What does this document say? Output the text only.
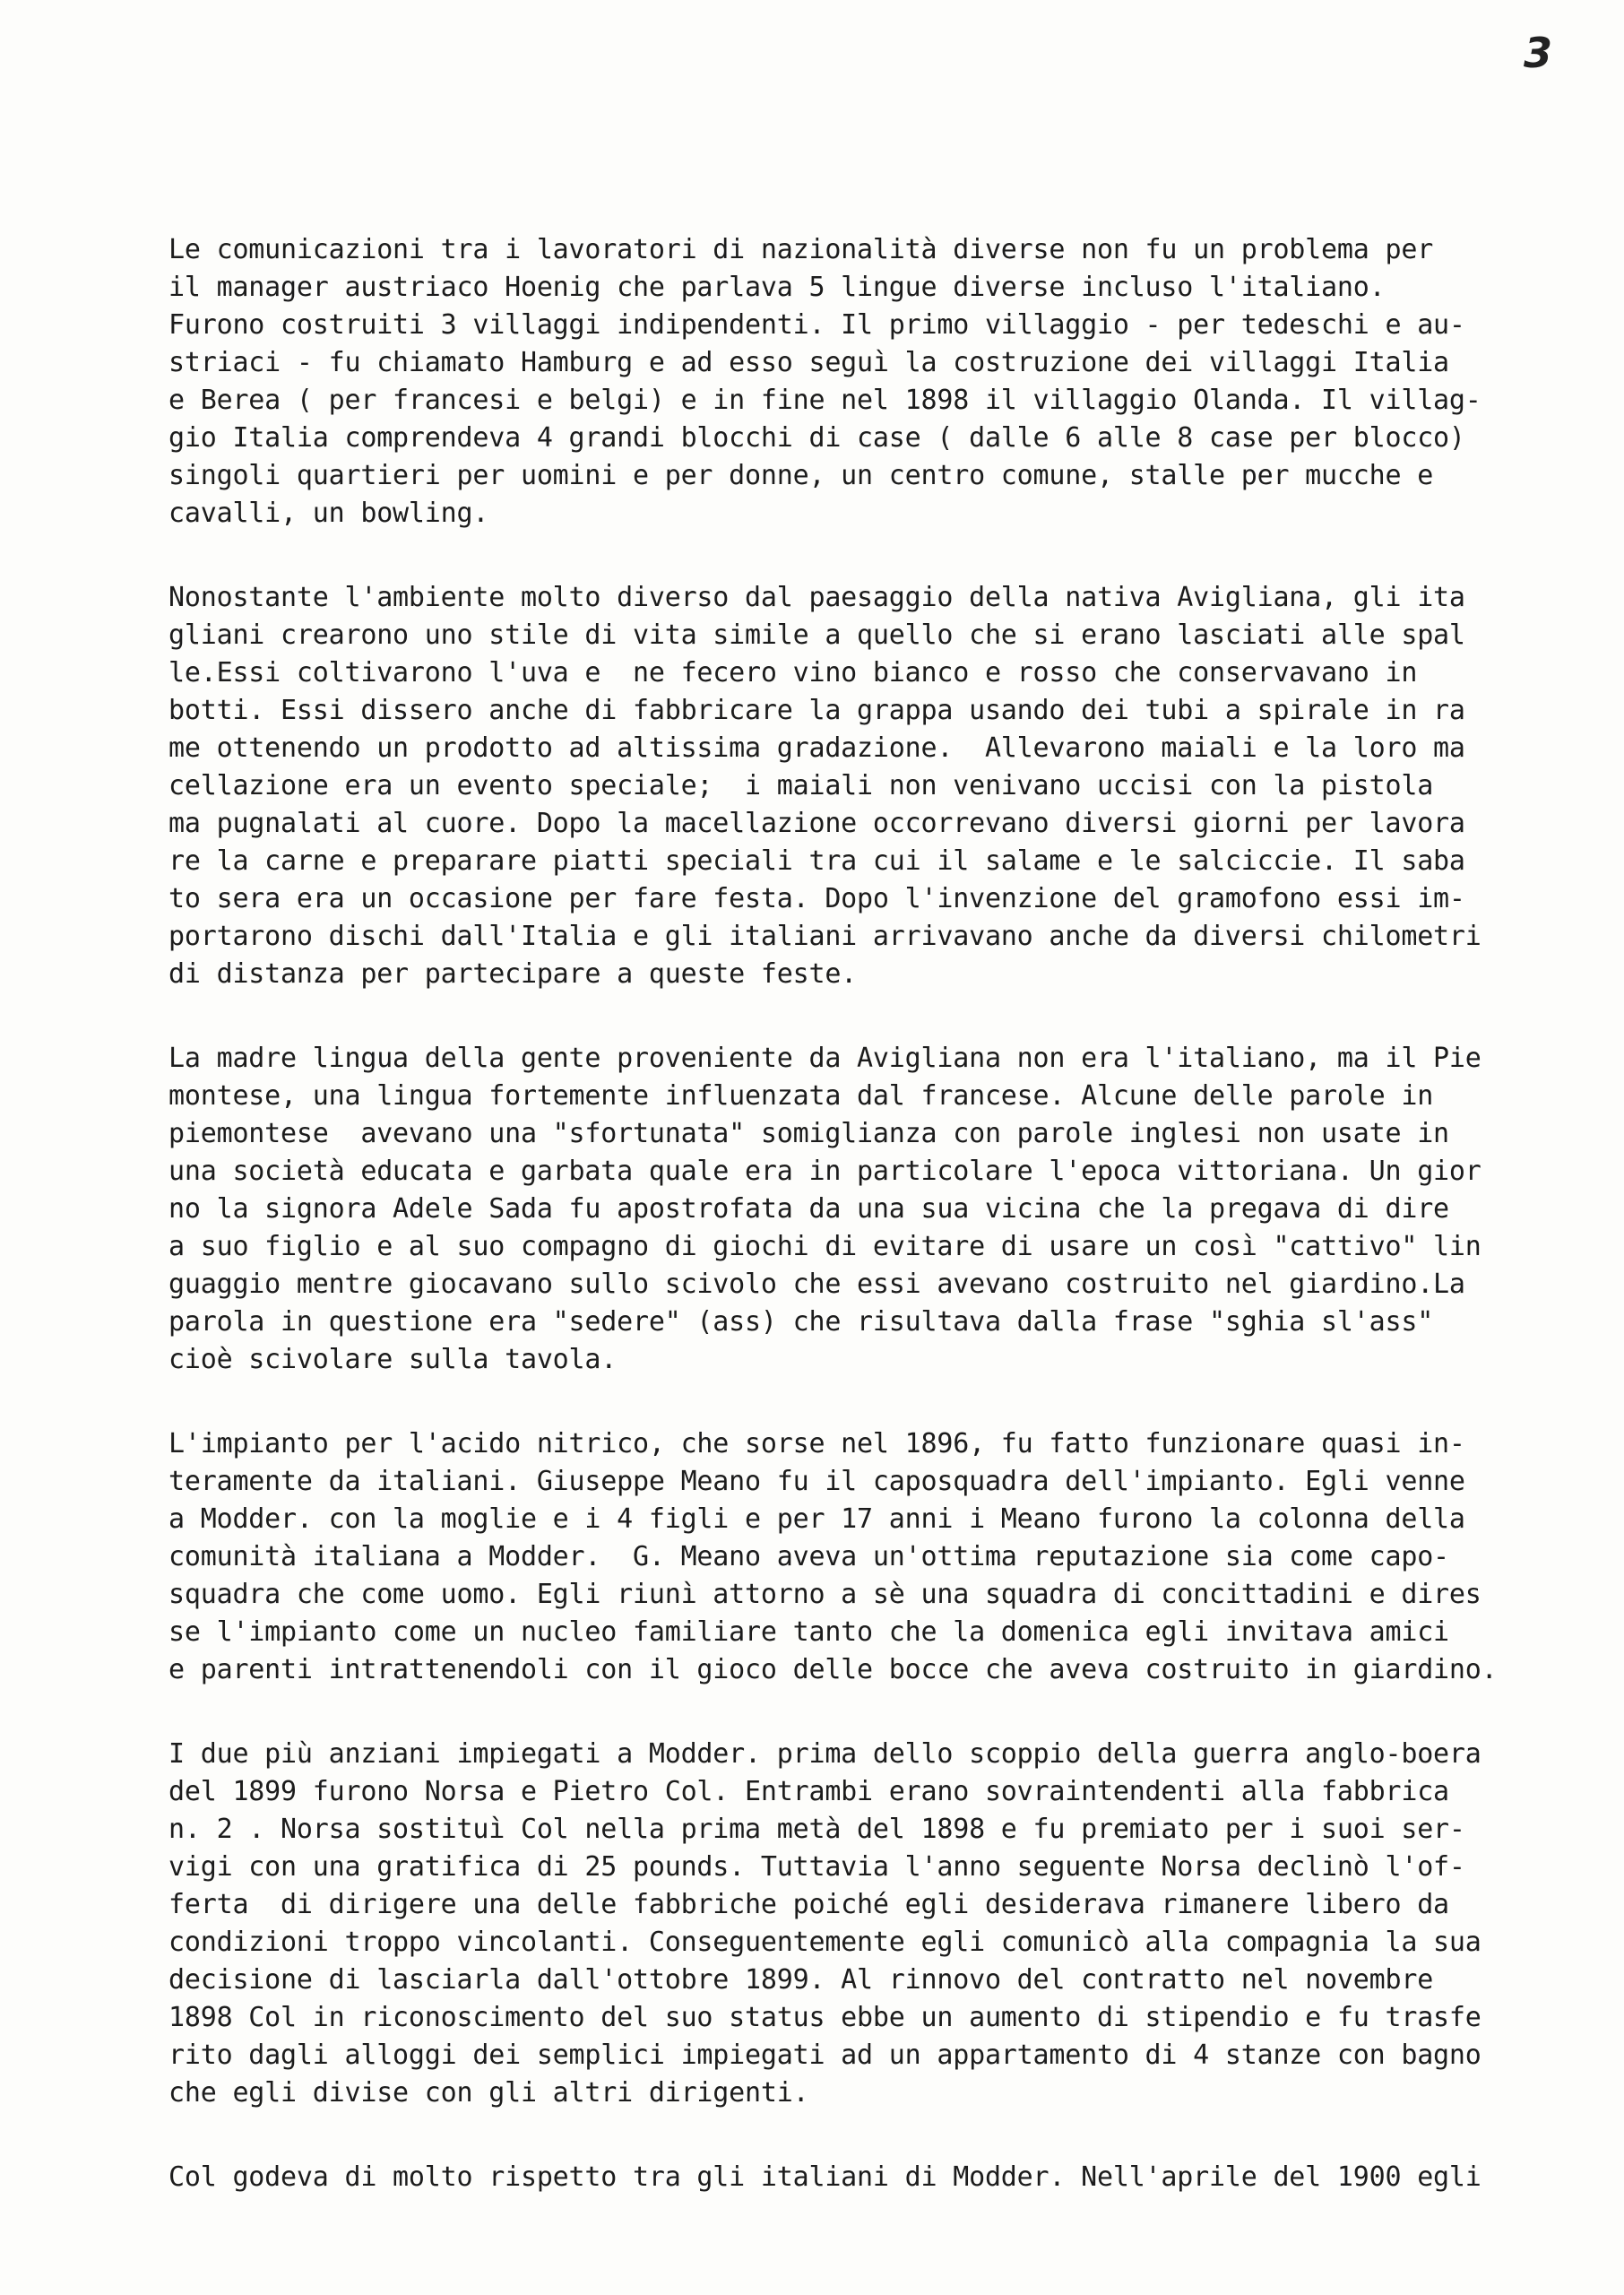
3
Le comunicazioni tra i lavoratori di nazionalità diverse non fu un problema per
il manager austriaco Hoenig che parlava 5 lingue diverse incluso l'italiano.
Furono costruiti 3 villaggi indipendenti. Il primo villaggio - per tedeschi e au-
striaci - fu chiamato Hamburg e ad esso seguì la costruzione dei villaggi Italia
e Berea ( per francesi e belgi) e in fine nel 1898 il villaggio Olanda. Il villag-
gio Italia comprendeva 4 grandi blocchi di case ( dalle 6 alle 8 case per blocco)
singoli quartieri per uomini e per donne, un centro comune, stalle per mucche e
cavalli, un bowling.
Nonostante l'ambiente molto diverso dal paesaggio della nativa Avigliana, gli ita
gliani crearono uno stile di vita simile a quello che si erano lasciati alle spal
le.Essi coltivarono l'uva e  ne fecero vino bianco e rosso che conservavano in
botti. Essi dissero anche di fabbricare la grappa usando dei tubi a spirale in ra
me ottenendo un prodotto ad altissima gradazione.  Allevarono maiali e la loro ma
cellazione era un evento speciale;  i maiali non venivano uccisi con la pistola
ma pugnalati al cuore. Dopo la macellazione occorrevano diversi giorni per lavora
re la carne e preparare piatti speciali tra cui il salame e le salciccie. Il saba
to sera era un occasione per fare festa. Dopo l'invenzione del gramofono essi im-
portarono dischi dall'Italia e gli italiani arrivavano anche da diversi chilometri
di distanza per partecipare a queste feste.
La madre lingua della gente proveniente da Avigliana non era l'italiano, ma il Pie
montese, una lingua fortemente influenzata dal francese. Alcune delle parole in
piemontese  avevano una "sfortunata" somiglianza con parole inglesi non usate in
una società educata e garbata quale era in particolare l'epoca vittoriana. Un gior
no la signora Adele Sada fu apostrofata da una sua vicina che la pregava di dire
a suo figlio e al suo compagno di giochi di evitare di usare un così "cattivo" lin
guaggio mentre giocavano sullo scivolo che essi avevano costruito nel giardino.La
parola in questione era "sedere" (ass) che risultava dalla frase "sghia sl'ass"
cioè scivolare sulla tavola.
L'impianto per l'acido nitrico, che sorse nel 1896, fu fatto funzionare quasi in-
teramente da italiani. Giuseppe Meano fu il caposquadra dell'impianto. Egli venne
a Modder. con la moglie e i 4 figli e per 17 anni i Meano furono la colonna della
comunità italiana a Modder.  G. Meano aveva un'ottima reputazione sia come capo-
squadra che come uomo. Egli riunì attorno a sè una squadra di concittadini e dires
se l'impianto come un nucleo familiare tanto che la domenica egli invitava amici
e parenti intrattenendoli con il gioco delle bocce che aveva costruito in giardino.
I due più anziani impiegati a Modder. prima dello scoppio della guerra anglo-boera
del 1899 furono Norsa e Pietro Col. Entrambi erano sovraintendenti alla fabbrica
n. 2 . Norsa sostituì Col nella prima metà del 1898 e fu premiato per i suoi ser-
vigi con una gratifica di 25 pounds. Tuttavia l'anno seguente Norsa declinò l'of-
ferta  di dirigere una delle fabbriche poiché egli desiderava rimanere libero da
condizioni troppo vincolanti. Conseguentemente egli comunicò alla compagnia la sua
decisione di lasciarla dall'ottobre 1899. Al rinnovo del contratto nel novembre
1898 Col in riconoscimento del suo status ebbe un aumento di stipendio e fu trasfe
rito dagli alloggi dei semplici impiegati ad un appartamento di 4 stanze con bagno
che egli divise con gli altri dirigenti.
Col godeva di molto rispetto tra gli italiani di Modder. Nell'aprile del 1900 egli
